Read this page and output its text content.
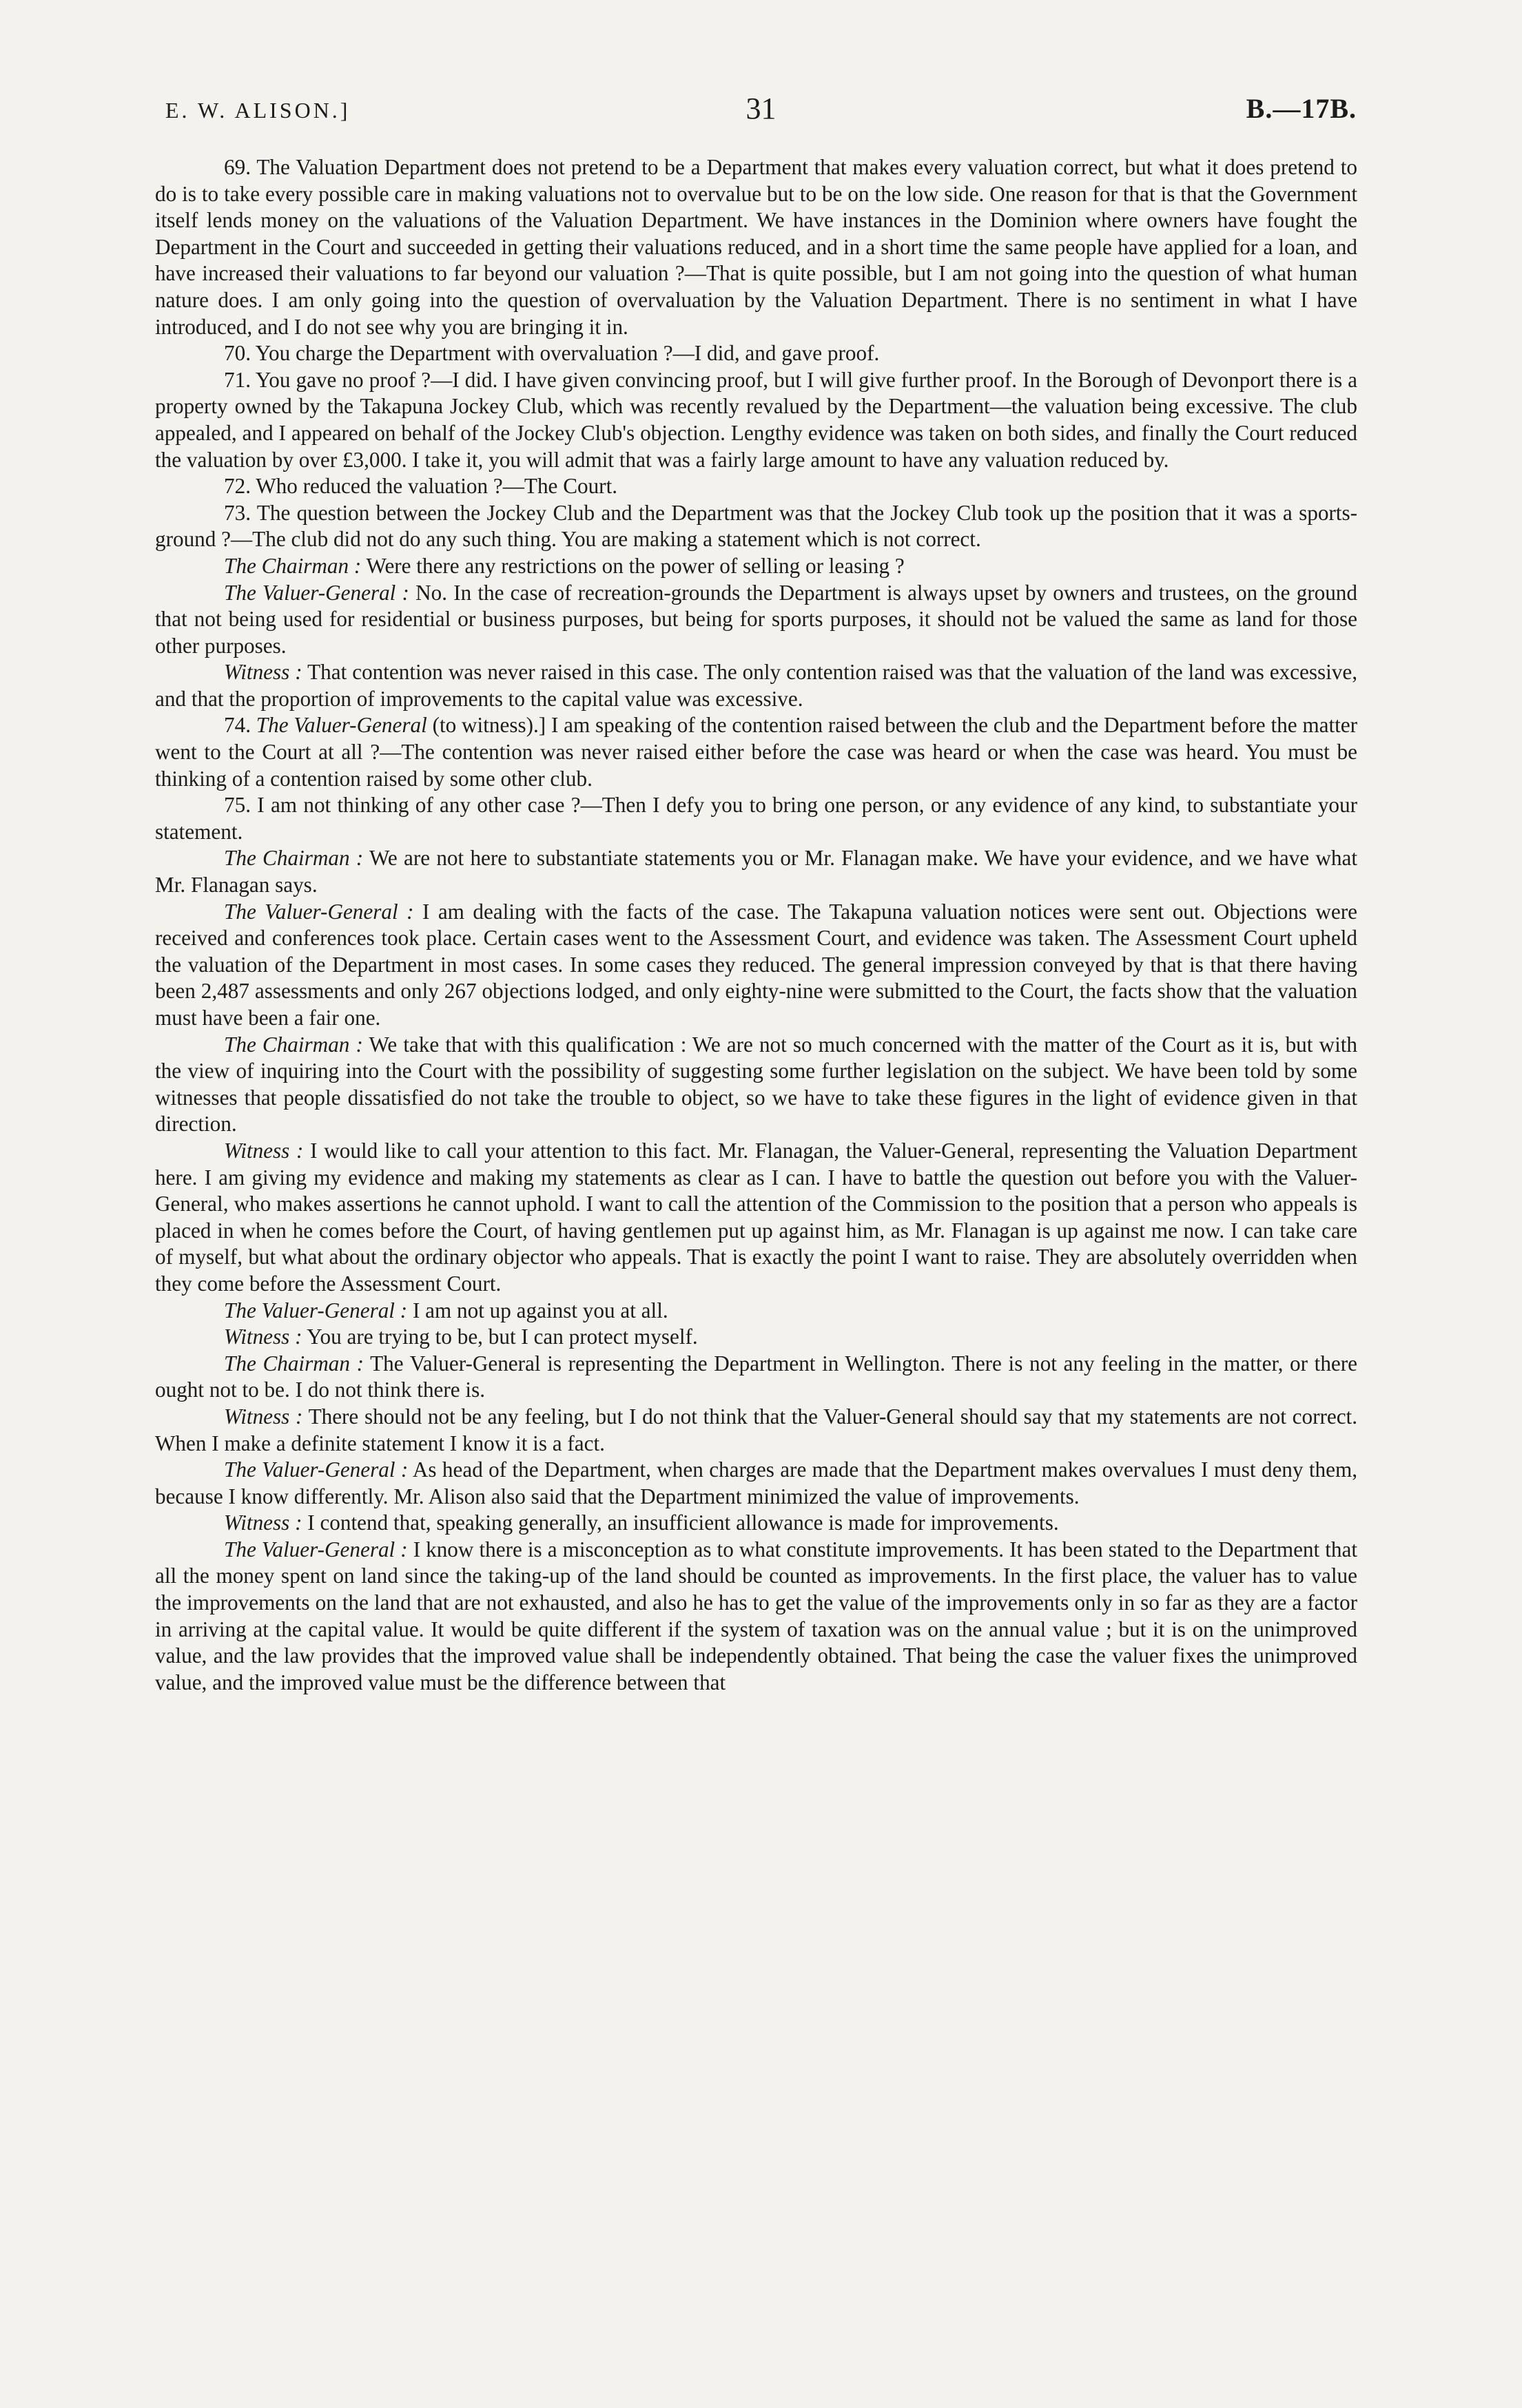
E. W. ALISON.]	31	B.—17B.

69. The Valuation Department does not pretend to be a Department that makes every valuation correct, but what it does pretend to do is to take every possible care in making valuations not to overvalue but to be on the low side. One reason for that is that the Government itself lends money on the valuations of the Valuation Department. We have instances in the Dominion where owners have fought the Department in the Court and succeeded in getting their valuations reduced, and in a short time the same people have applied for a loan, and have increased their valuations to far beyond our valuation ?—That is quite possible, but I am not going into the question of what human nature does. I am only going into the question of overvaluation by the Valuation Department. There is no sentiment in what I have introduced, and I do not see why you are bringing it in.

70. You charge the Department with overvaluation ?—I did, and gave proof.

71. You gave no proof ?—I did. I have given convincing proof, but I will give further proof. In the Borough of Devonport there is a property owned by the Takapuna Jockey Club, which was recently revalued by the Department—the valuation being excessive. The club appealed, and I appeared on behalf of the Jockey Club's objection. Lengthy evidence was taken on both sides, and finally the Court reduced the valuation by over £3,000. I take it, you will admit that was a fairly large amount to have any valuation reduced by.

72. Who reduced the valuation ?—The Court.

73. The question between the Jockey Club and the Department was that the Jockey Club took up the position that it was a sports-ground ?—The club did not do any such thing. You are making a statement which is not correct.

The Chairman : Were there any restrictions on the power of selling or leasing ?

The Valuer-General : No. In the case of recreation-grounds the Department is always upset by owners and trustees, on the ground that not being used for residential or business purposes, but being for sports purposes, it should not be valued the same as land for those other purposes.

Witness : That contention was never raised in this case. The only contention raised was that the valuation of the land was excessive, and that the proportion of improvements to the capital value was excessive.

74. The Valuer-General (to witness).] I am speaking of the contention raised between the club and the Department before the matter went to the Court at all ?—The contention was never raised either before the case was heard or when the case was heard. You must be thinking of a contention raised by some other club.

75. I am not thinking of any other case ?—Then I defy you to bring one person, or any evidence of any kind, to substantiate your statement.

The Chairman : We are not here to substantiate statements you or Mr. Flanagan make. We have your evidence, and we have what Mr. Flanagan says.

The Valuer-General : I am dealing with the facts of the case. The Takapuna valuation notices were sent out. Objections were received and conferences took place. Certain cases went to the Assessment Court, and evidence was taken. The Assessment Court upheld the valuation of the Department in most cases. In some cases they reduced. The general impression conveyed by that is that there having been 2,487 assessments and only 267 objections lodged, and only eighty-nine were submitted to the Court, the facts show that the valuation must have been a fair one.

The Chairman : We take that with this qualification : We are not so much concerned with the matter of the Court as it is, but with the view of inquiring into the Court with the possibility of suggesting some further legislation on the subject. We have been told by some witnesses that people dissatisfied do not take the trouble to object, so we have to take these figures in the light of evidence given in that direction.

Witness : I would like to call your attention to this fact. Mr. Flanagan, the Valuer-General, representing the Valuation Department here. I am giving my evidence and making my statements as clear as I can. I have to battle the question out before you with the Valuer-General, who makes assertions he cannot uphold. I want to call the attention of the Commission to the position that a person who appeals is placed in when he comes before the Court, of having gentlemen put up against him, as Mr. Flanagan is up against me now. I can take care of myself, but what about the ordinary objector who appeals. That is exactly the point I want to raise. They are absolutely overridden when they come before the Assessment Court.

The Valuer-General : I am not up against you at all.

Witness : You are trying to be, but I can protect myself.

The Chairman : The Valuer-General is representing the Department in Wellington. There is not any feeling in the matter, or there ought not to be. I do not think there is.

Witness : There should not be any feeling, but I do not think that the Valuer-General should say that my statements are not correct. When I make a definite statement I know it is a fact.

The Valuer-General : As head of the Department, when charges are made that the Department makes overvalues I must deny them, because I know differently. Mr. Alison also said that the Department minimized the value of improvements.

Witness : I contend that, speaking generally, an insufficient allowance is made for improvements.

The Valuer-General : I know there is a misconception as to what constitute improvements. It has been stated to the Department that all the money spent on land since the taking-up of the land should be counted as improvements. In the first place, the valuer has to value the improvements on the land that are not exhausted, and also he has to get the value of the improvements only in so far as they are a factor in arriving at the capital value. It would be quite different if the system of taxation was on the annual value ; but it is on the unimproved value, and the law provides that the improved value shall be independently obtained. That being the case the valuer fixes the unimproved value, and the improved value must be the difference between that
